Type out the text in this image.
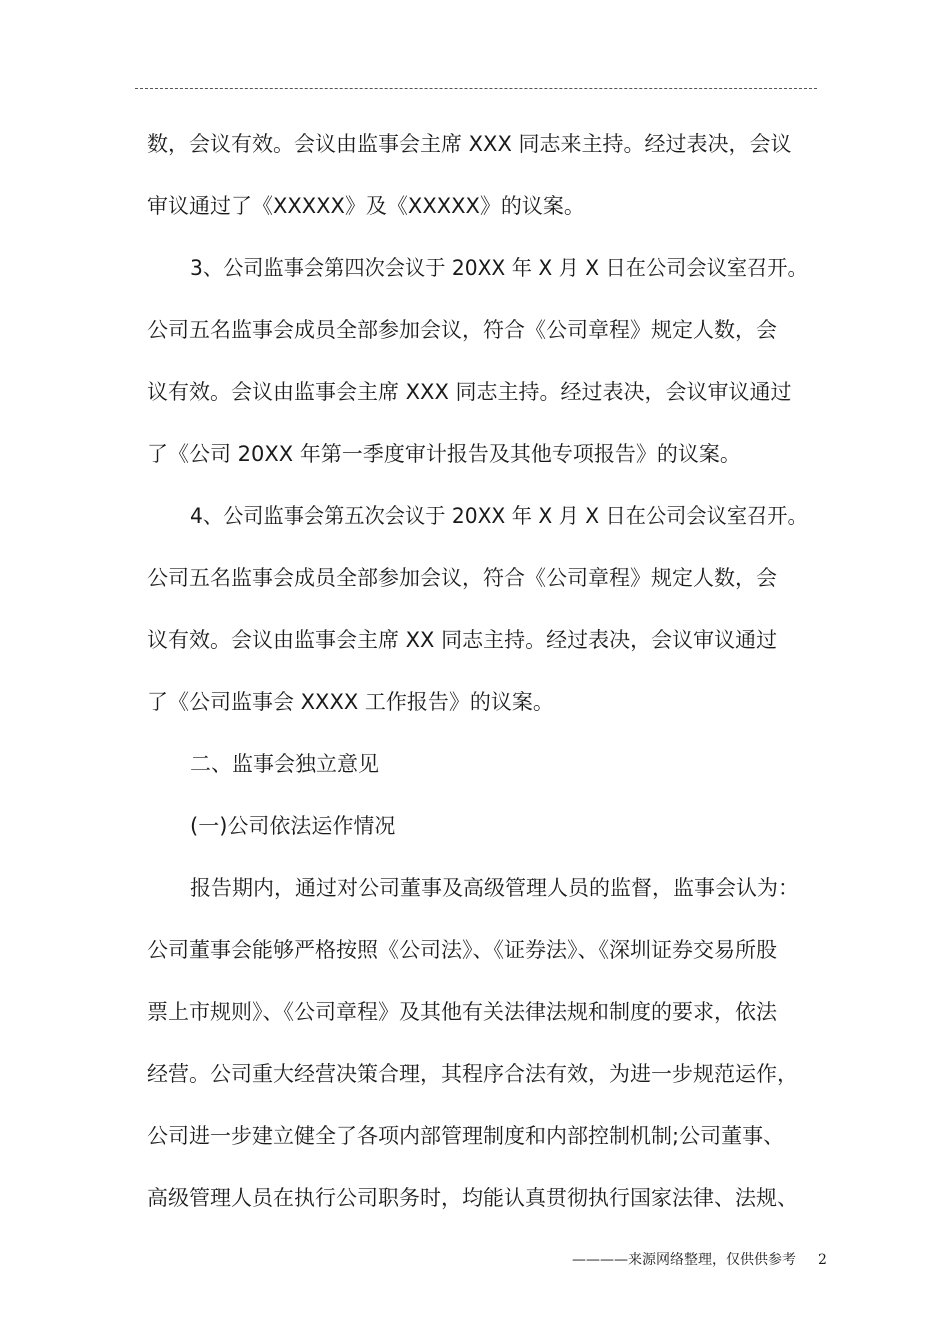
数，会议有效。会议由监事会主席 XXX 同志来主持。经过表决，会议

审议通过了《XXXXX》及《XXXXX》的议案。

3、公司监事会第四次会议于 20XX 年 X 月 X 日在公司会议室召开。

公司五名监事会成员全部参加会议，符合《公司章程》规定人数，会

议有效。会议由监事会主席 XXX 同志主持。经过表决，会议审议通过

了《公司 20XX 年第一季度审计报告及其他专项报告》的议案。

4、公司监事会第五次会议于 20XX 年 X 月 X 日在公司会议室召开。

公司五名监事会成员全部参加会议，符合《公司章程》规定人数，会

议有效。会议由监事会主席 XX 同志主持。经过表决，会议审议通过

了《公司监事会 XXXX 工作报告》的议案。

二、监事会独立意见

(一)公司依法运作情况

报告期内，通过对公司董事及高级管理人员的监督，监事会认为：

公司董事会能够严格按照《公司法》、《证券法》、《深圳证券交易所股

票上市规则》、《公司章程》及其他有关法律法规和制度的要求，依法

经营。公司重大经营决策合理，其程序合法有效，为进一步规范运作，

公司进一步建立健全了各项内部管理制度和内部控制机制;公司董事、

高级管理人员在执行公司职务时，均能认真贯彻执行国家法律、法规、

————来源网络整理，仅供供参考 2
